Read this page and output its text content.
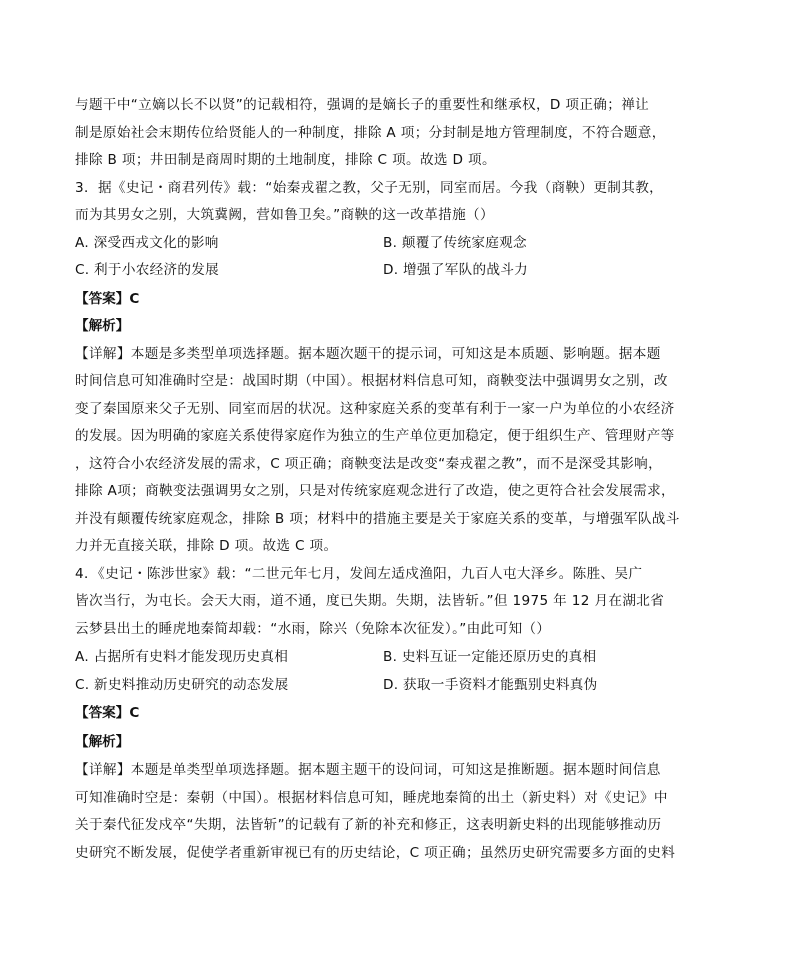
与题干中“立嫡以长不以贤”的记载相符，强调的是嫡长子的重要性和继承权，D 项正确；禅让
制是原始社会末期传位给贤能人的一种制度，排除 A 项；分封制是地方管理制度，不符合题意，
排除 B 项；井田制是商周时期的土地制度，排除 C 项。故选 D 项。
3．据《史记・商君列传》载：“始秦戎翟之教，父子无别，同室而居。今我（商鞅）更制其教，
而为其男女之别，大筑冀阙，营如鲁卫矣。”商鞅的这一改革措施（）
A. 深受西戎文化的影响	B. 颠覆了传统家庭观念
C. 利于小农经济的发展	D. 增强了军队的战斗力
【答案】C
【解析】
【详解】本题是多类型单项选择题。据本题次题干的提示词，可知这是本质题、影响题。据本题
时间信息可知准确时空是：战国时期（中国）。根据材料信息可知，商鞅变法中强调男女之别，改
变了秦国原来父子无别、同室而居的状况。这种家庭关系的变革有利于一家一户为单位的小农经济
的发展。因为明确的家庭关系使得家庭作为独立的生产单位更加稳定，便于组织生产、管理财产等
，这符合小农经济发展的需求，C 项正确；商鞅变法是改变“秦戎翟之教”，而不是深受其影响，
排除 A项；商鞅变法强调男女之别，只是对传统家庭观念进行了改造，使之更符合社会发展需求，
并没有颠覆传统家庭观念，排除 B 项；材料中的措施主要是关于家庭关系的变革，与增强军队战斗
力并无直接关联，排除 D 项。故选 C 项。
4．《史记・陈涉世家》载：“二世元年七月，发闾左适戍渔阳，九百人屯大泽乡。陈胜、吴广
皆次当行，为屯长。会天大雨，道不通，度已失期。失期，法皆斩。”但 1975 年 12 月在湖北省
云梦县出土的睡虎地秦简却载：“水雨，除兴（免除本次征发）。”由此可知（）
A. 占据所有史料才能发现历史真相	B. 史料互证一定能还原历史的真相
C. 新史料推动历史研究的动态发展	D. 获取一手资料才能甄别史料真伪
【答案】C
【解析】
【详解】本题是单类型单项选择题。据本题主题干的设问词，可知这是推断题。据本题时间信息
可知准确时空是：秦朝（中国）。根据材料信息可知，睡虎地秦简的出土（新史料）对《史记》中
关于秦代征发戍卒“失期，法皆斩”的记载有了新的补充和修正，这表明新史料的出现能够推动历
史研究不断发展，促使学者重新审视已有的历史结论，C 项正确；虽然历史研究需要多方面的史料
